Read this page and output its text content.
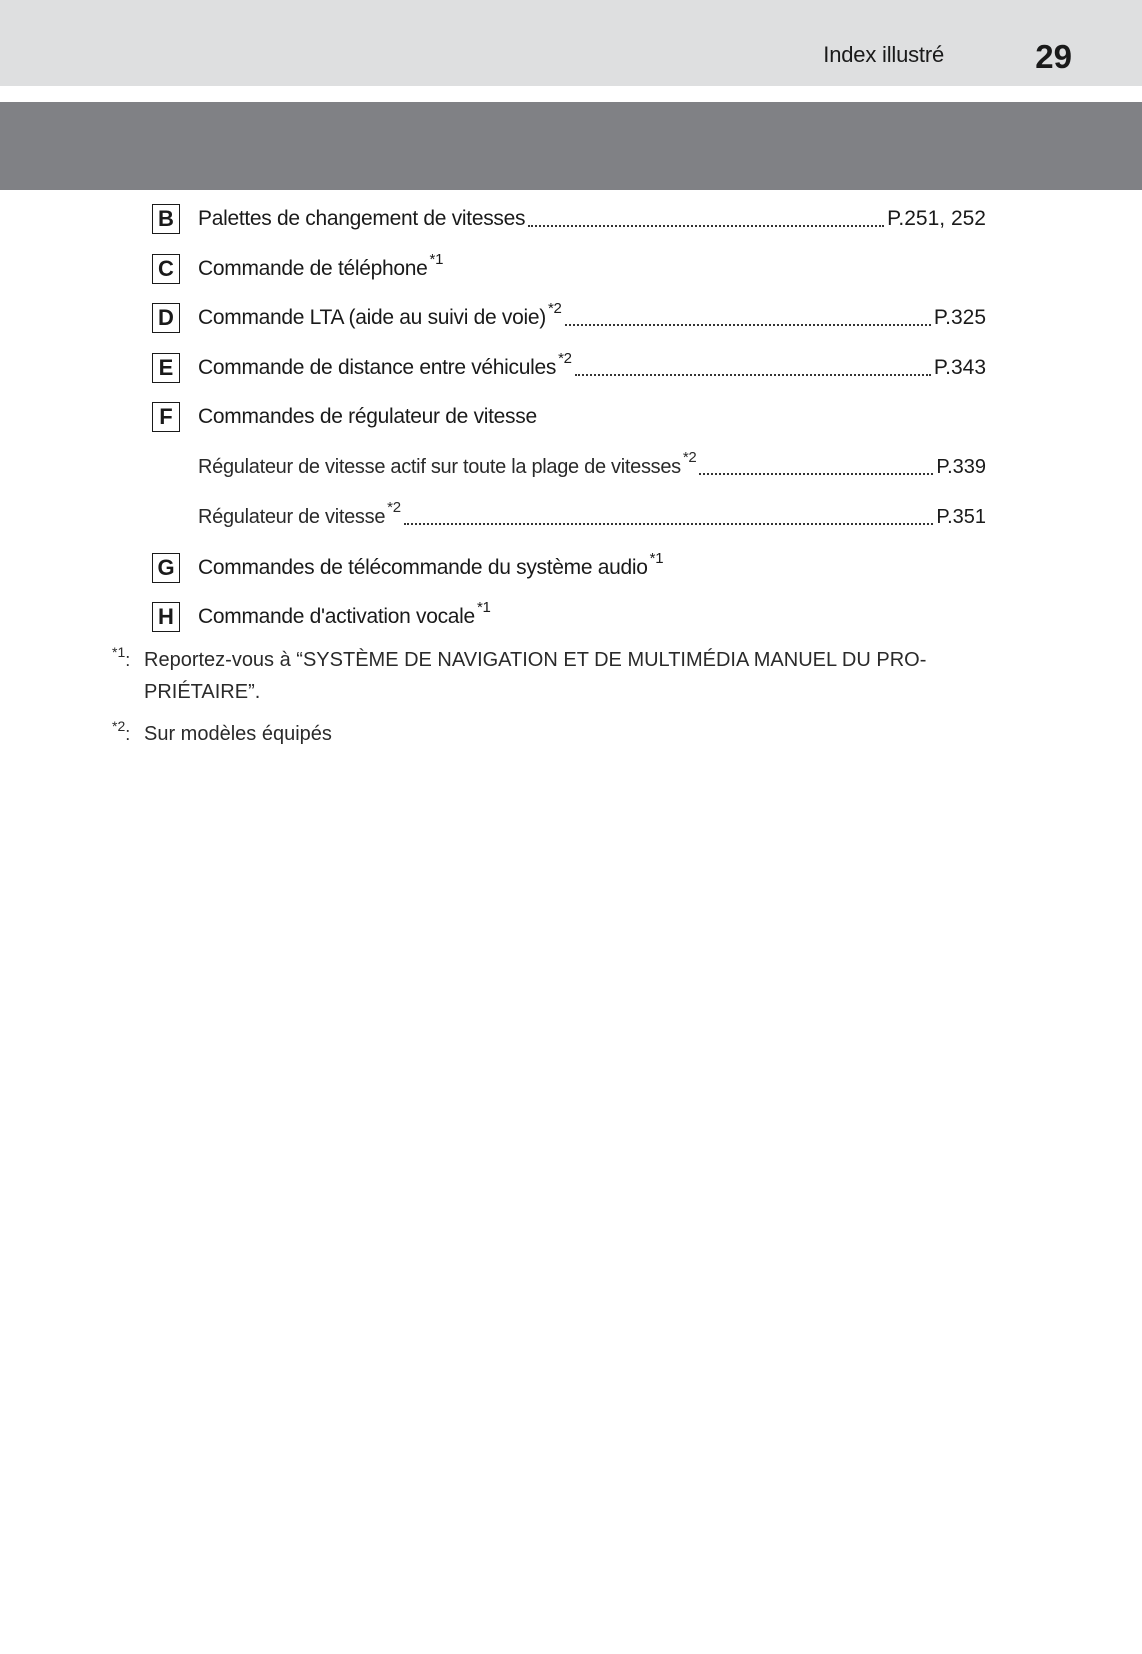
Index illustré	29
B Palettes de changement de vitesses	P.251, 252
C Commande de téléphone $^{*1}$
D Commande LTA (aide au suivi de voie) $^{*2}$	P.325
E	Commande de distance entre véhicules $^{*2}$	P.343
F	Commandes de régulateur de vitesse
Régulateur de vitesse actif sur toute la plage de vitesses $^{*2}$	P.339
Régulateur de vitesse $^{*2}$	P.351
G Commandes de télécommande du système audio $^{*1}$
H Commande d'activation vocale $^{*1}$
$^{*1}$: Reportez-vous à “SYSTÈME DE NAVIGATION ET DE MULTIMÉDIA MANUEL DU PRO-PRIÉTAIRE”.
$^{*2}$: Sur modèles équipés
